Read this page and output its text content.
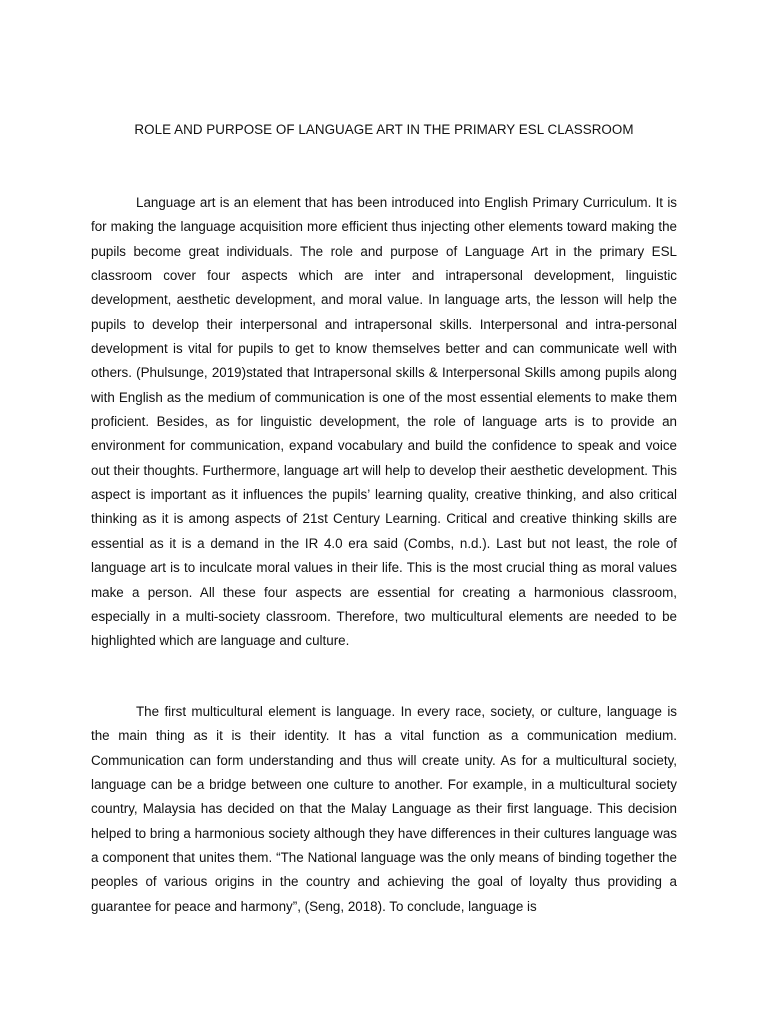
ROLE AND PURPOSE OF LANGUAGE ART IN THE PRIMARY ESL CLASSROOM

Language art is an element that has been introduced into English Primary Curriculum. It is for making the language acquisition more efficient thus injecting other elements toward making the pupils become great individuals. The role and purpose of Language Art in the primary ESL classroom cover four aspects which are inter and intrapersonal development, linguistic development, aesthetic development, and moral value. In language arts, the lesson will help the pupils to develop their interpersonal and intrapersonal skills. Interpersonal and intra-personal development is vital for pupils to get to know themselves better and can communicate well with others. (Phulsunge, 2019)stated that Intrapersonal skills & Interpersonal Skills among pupils along with English as the medium of communication is one of the most essential elements to make them proficient. Besides, as for linguistic development, the role of language arts is to provide an environment for communication, expand vocabulary and build the confidence to speak and voice out their thoughts. Furthermore, language art will help to develop their aesthetic development. This aspect is important as it influences the pupils’ learning quality, creative thinking, and also critical thinking as it is among aspects of 21st Century Learning. Critical and creative thinking skills are essential as it is a demand in the IR 4.0 era said (Combs, n.d.). Last but not least, the role of language art is to inculcate moral values in their life. This is the most crucial thing as moral values make a person. All these four aspects are essential for creating a harmonious classroom, especially in a multi-society classroom. Therefore, two multicultural elements are needed to be highlighted which are language and culture.

The first multicultural element is language. In every race, society, or culture, language is the main thing as it is their identity. It has a vital function as a communication medium. Communication can form understanding and thus will create unity. As for a multicultural society, language can be a bridge between one culture to another. For example, in a multicultural society country, Malaysia has decided on that the Malay Language as their first language. This decision helped to bring a harmonious society although they have differences in their cultures language was a component that unites them. “The National language was the only means of binding together the peoples of various origins in the country and achieving the goal of loyalty thus providing a guarantee for peace and harmony”, (Seng, 2018). To conclude, language is
